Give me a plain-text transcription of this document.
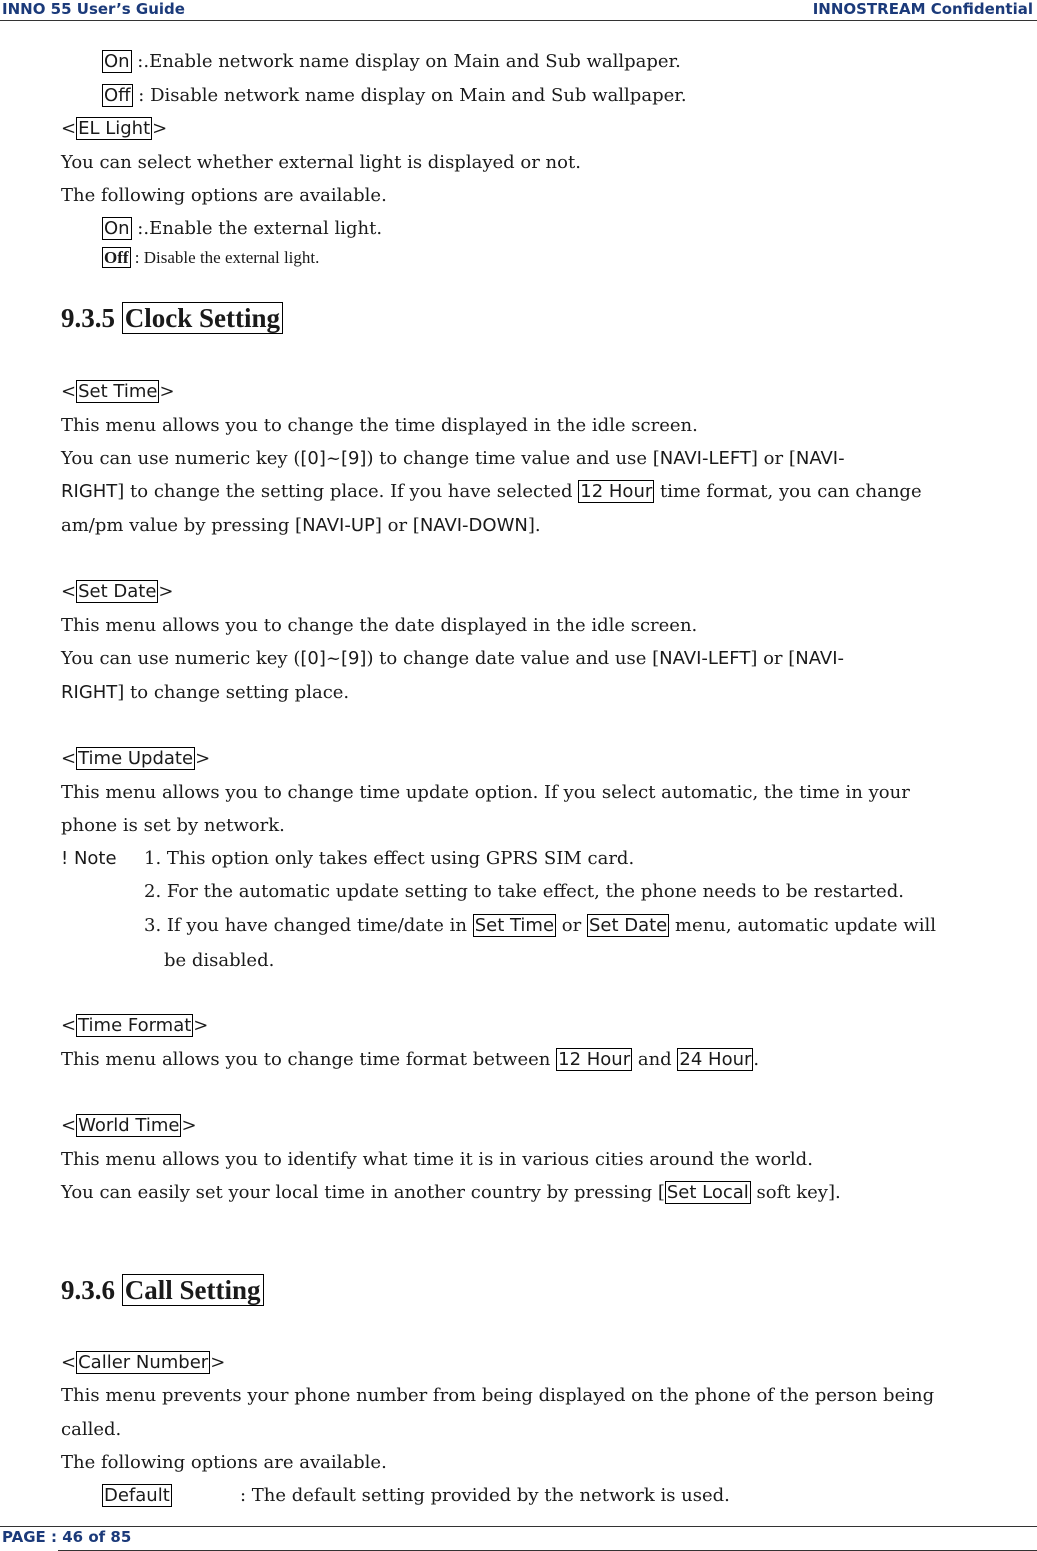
INNO 55 User’s Guide	INNOSTREAM Confidential
On :.Enable network name display on Main and Sub wallpaper.
Off : Disable network name display on Main and Sub wallpaper.
< EL Light >
You can select whether external light is displayed or not.
The following options are available.
On :.Enable the external light.
Off : Disable the external light.
9.3.5 Clock Setting
< Set Time >
This menu allows you to change the time displayed in the idle screen.
You can use numeric key ([0]~[9]) to change time value and use [NAVI-LEFT] or [NAVI-
RIGHT] to change the setting place. If you have selected 12 Hour time format, you can change
am/pm value by pressing [NAVI-UP] or [NAVI-DOWN].
< Set Date >
This menu allows you to change the date displayed in the idle screen.
You can use numeric key ([0]~[9]) to change date value and use [NAVI-LEFT] or [NAVI-
RIGHT] to change setting place.
< Time Update >
This menu allows you to change time update option. If you select automatic, the time in your
phone is set by network.
! Note 1. This option only takes effect using GPRS SIM card.
2. For the automatic update setting to take effect, the phone needs to be restarted.
3. If you have changed time/date in Set Time or Set Date menu, automatic update will
be disabled.
< Time Format >
This menu allows you to change time format between 12 Hour and 24 Hour .
< World Time >
This menu allows you to identify what time it is in various cities around the world.
You can easily set your local time in another country by pressing [ Set Local soft key].
9.3.6 Call Setting
< Caller Number >
This menu prevents your phone number from being displayed on the phone of the person being
called.
The following options are available.
Default	: The default setting provided by the network is used.
PAGE : 46 of 85
